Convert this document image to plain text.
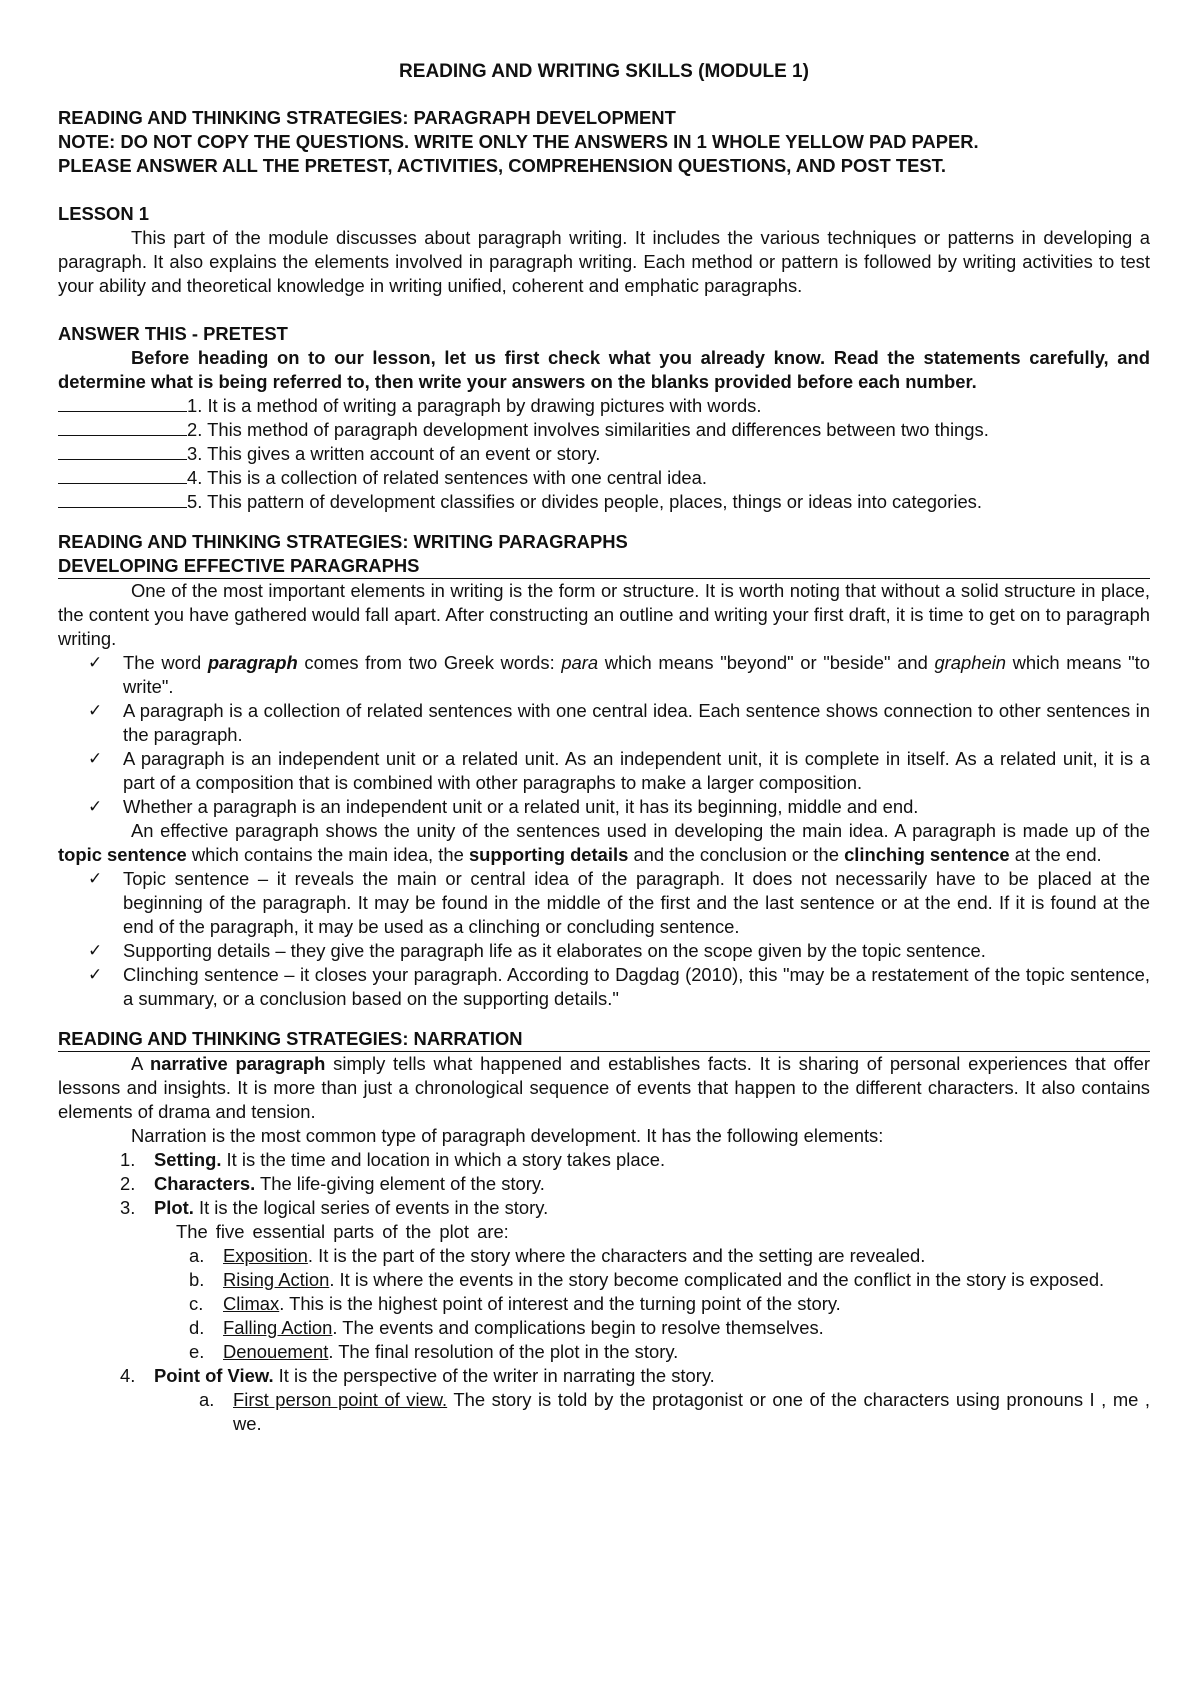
READING AND WRITING SKILLS (MODULE 1)
READING AND THINKING STRATEGIES: PARAGRAPH DEVELOPMENT
NOTE: DO NOT COPY THE QUESTIONS. WRITE ONLY THE ANSWERS IN 1 WHOLE YELLOW PAD PAPER.
PLEASE ANSWER ALL THE PRETEST, ACTIVITIES, COMPREHENSION QUESTIONS, AND POST TEST.
LESSON 1
This part of the module discusses about paragraph writing. It includes the various techniques or patterns in developing a paragraph. It also explains the elements involved in paragraph writing. Each method or pattern is followed by writing activities to test your ability and theoretical knowledge in writing unified, coherent and emphatic paragraphs.
ANSWER THIS - PRETEST
Before heading on to our lesson, let us first check what you already know. Read the statements carefully, and determine what is being referred to, then write your answers on the blanks provided before each number.
1. It is a method of writing a paragraph by drawing pictures with words.
2. This method of paragraph development involves similarities and differences between two things.
3. This gives a written account of an event or story.
4. This is a collection of related sentences with one central idea.
5. This pattern of development classifies or divides people, places, things or ideas into categories.
READING AND THINKING STRATEGIES: WRITING PARAGRAPHS
DEVELOPING EFFECTIVE PARAGRAPHS
One of the most important elements in writing is the form or structure. It is worth noting that without a solid structure in place, the content you have gathered would fall apart. After constructing an outline and writing your first draft, it is time to get on to paragraph writing.
✓ The word paragraph comes from two Greek words: para which means "beyond" or "beside" and graphein which means "to write".
✓ A paragraph is a collection of related sentences with one central idea. Each sentence shows connection to other sentences in the paragraph.
✓ A paragraph is an independent unit or a related unit. As an independent unit, it is complete in itself. As a related unit, it is a part of a composition that is combined with other paragraphs to make a larger composition.
✓ Whether a paragraph is an independent unit or a related unit, it has its beginning, middle and end.
An effective paragraph shows the unity of the sentences used in developing the main idea. A paragraph is made up of the topic sentence which contains the main idea, the supporting details and the conclusion or the clinching sentence at the end.
✓ Topic sentence – it reveals the main or central idea of the paragraph. It does not necessarily have to be placed at the beginning of the paragraph. It may be found in the middle of the first and the last sentence or at the end. If it is found at the end of the paragraph, it may be used as a clinching or concluding sentence.
✓ Supporting details – they give the paragraph life as it elaborates on the scope given by the topic sentence.
✓ Clinching sentence – it closes your paragraph. According to Dagdag (2010), this "may be a restatement of the topic sentence, a summary, or a conclusion based on the supporting details."
READING AND THINKING STRATEGIES: NARRATION
A narrative paragraph simply tells what happened and establishes facts. It is sharing of personal experiences that offer lessons and insights. It is more than just a chronological sequence of events that happen to the different characters. It also contains elements of drama and tension.
Narration is the most common type of paragraph development. It has the following elements:
1. Setting. It is the time and location in which a story takes place.
2. Characters. The life-giving element of the story.
3. Plot. It is the logical series of events in the story.
The five essential parts of the plot are:
a. Exposition. It is the part of the story where the characters and the setting are revealed.
b. Rising Action. It is where the events in the story become complicated and the conflict in the story is exposed.
c. Climax. This is the highest point of interest and the turning point of the story.
d. Falling Action. The events and complications begin to resolve themselves.
e. Denouement. The final resolution of the plot in the story.
4. Point of View. It is the perspective of the writer in narrating the story.
a. First person point of view. The story is told by the protagonist or one of the characters using pronouns I , me , we.
